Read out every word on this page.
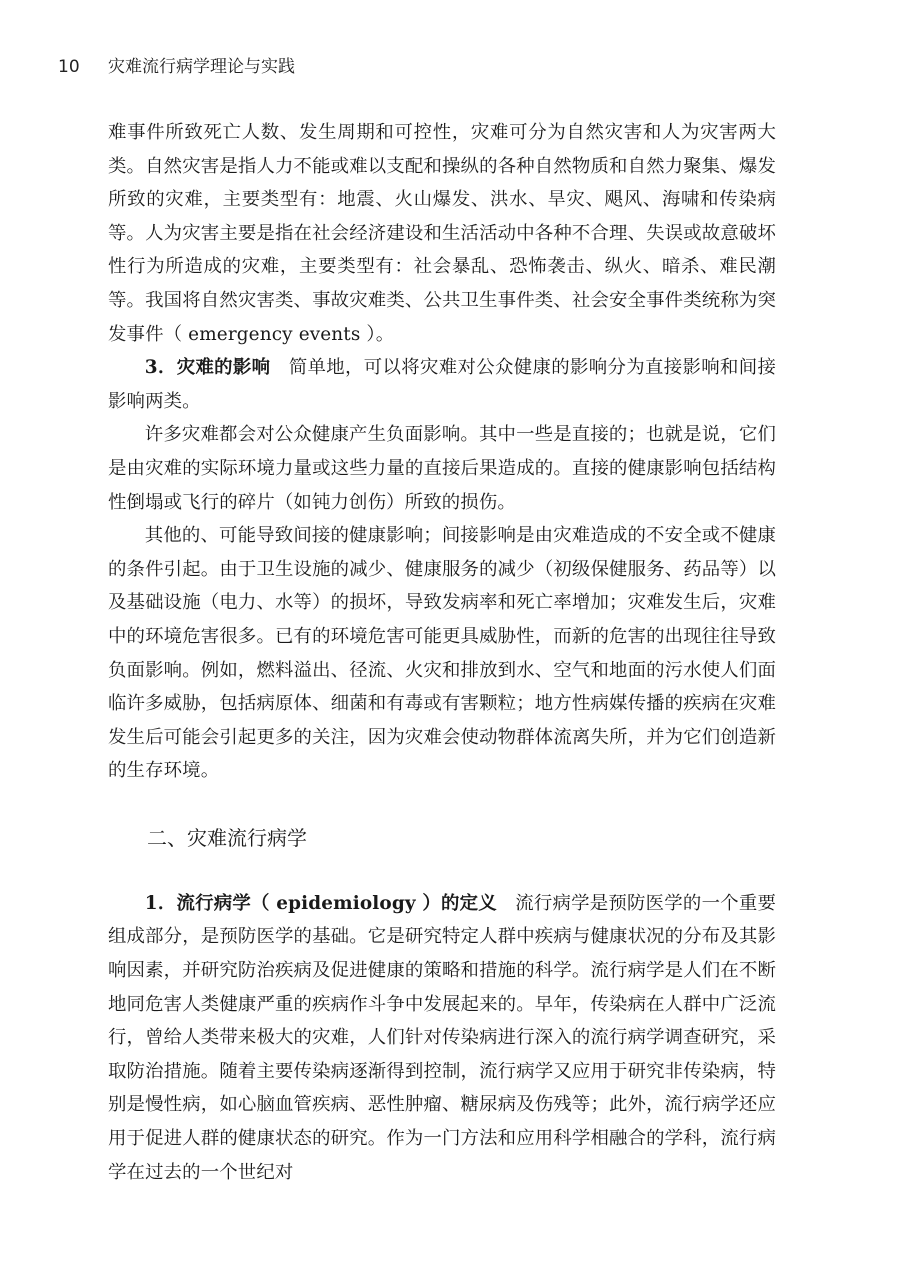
10 灾难流行病学理论与实践

难事件所致死亡人数、发生周期和可控性，灾难可分为自然灾害和人为灾害两大类。自然灾害是指人力不能或难以支配和操纵的各种自然物质和自然力聚集、爆发所致的灾难，主要类型有：地震、火山爆发、洪水、旱灾、飓风、海啸和传染病等。人为灾害主要是指在社会经济建设和生活活动中各种不合理、失误或故意破坏性行为所造成的灾难，主要类型有：社会暴乱、恐怖袭击、纵火、暗杀、难民潮等。我国将自然灾害类、事故灾难类、公共卫生事件类、社会安全事件类统称为突发事件（ emergency events ）。

3．灾难的影响 简单地，可以将灾难对公众健康的影响分为直接影响和间接影响两类。

许多灾难都会对公众健康产生负面影响。其中一些是直接的；也就是说，它们是由灾难的实际环境力量或这些力量的直接后果造成的。直接的健康影响包括结构性倒塌或飞行的碎片（如钝力创伤）所致的损伤。

其他的、可能导致间接的健康影响；间接影响是由灾难造成的不安全或不健康的条件引起。由于卫生设施的减少、健康服务的减少（初级保健服务、药品等）以及基础设施（电力、水等）的损坏，导致发病率和死亡率增加；灾难发生后，灾难中的环境危害很多。已有的环境危害可能更具威胁性，而新的危害的出现往往导致负面影响。例如，燃料溢出、径流、火灾和排放到水、空气和地面的污水使人们面临许多威胁，包括病原体、细菌和有毒或有害颗粒；地方性病媒传播的疾病在灾难发生后可能会引起更多的关注，因为灾难会使动物群体流离失所，并为它们创造新的生存环境。

二、灾难流行病学

1．流行病学（ epidemiology ）的定义 流行病学是预防医学的一个重要组成部分，是预防医学的基础。它是研究特定人群中疾病与健康状况的分布及其影响因素，并研究防治疾病及促进健康的策略和措施的科学。流行病学是人们在不断地同危害人类健康严重的疾病作斗争中发展起来的。早年，传染病在人群中广泛流行，曾给人类带来极大的灾难，人们针对传染病进行深入的流行病学调查研究，采取防治措施。随着主要传染病逐渐得到控制，流行病学又应用于研究非传染病，特别是慢性病，如心脑血管疾病、恶性肿瘤、糖尿病及伤残等；此外，流行病学还应用于促进人群的健康状态的研究。作为一门方法和应用科学相融合的学科，流行病学在过去的一个世纪对
